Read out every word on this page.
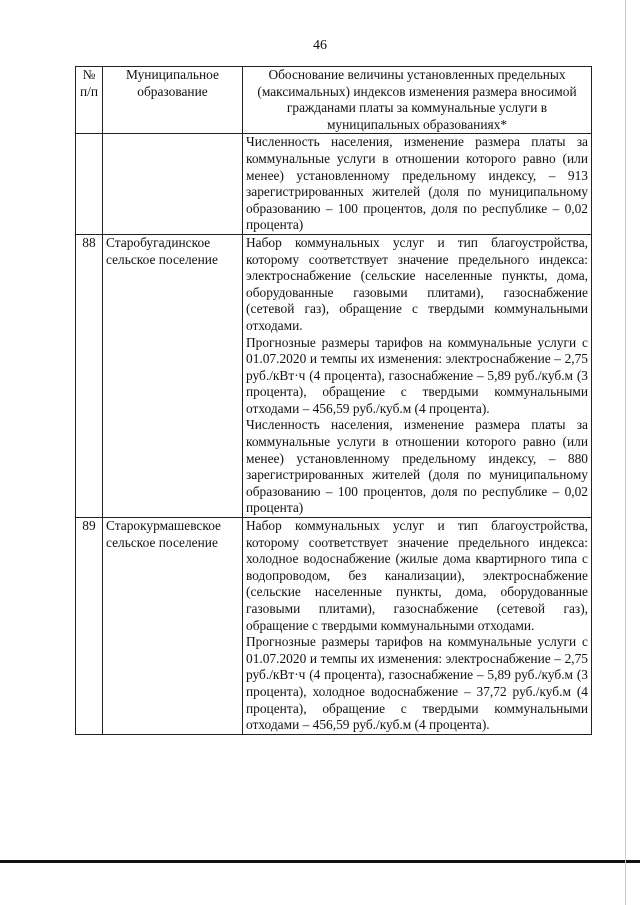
46
№ п/п	Муниципальное образование	Обоснование величины установленных предельных (максимальных) индексов изменения размера вносимой гражданами платы за коммунальные услуги в муниципальных образованиях*

		Численность населения, изменение размера платы за коммунальные услуги в отношении которого равно (или менее) установленному предельному индексу, – 913 зарегистрированных жителей (доля по муниципальному образованию – 100 процентов, доля по республике – 0,02 процента)

88	Старобугадинское сельское поселение	Набор коммунальных услуг и тип благоустройства, которому соответствует значение предельного индекса: электроснабжение (сельские населенные пункты, дома, оборудованные газовыми плитами), газоснабжение (сетевой газ), обращение с твердыми коммунальными отходами.

Прогнозные размеры тарифов на коммунальные услуги с 01.07.2020 и темпы их изменения: электроснабжение – 2,75 руб./кВт·ч (4 процента), газоснабжение – 5,89 руб./куб.м (3 процента), обращение с твердыми коммунальными отходами – 456,59 руб./куб.м (4 процента).

Численность населения, изменение размера платы за коммунальные услуги в отношении которого равно (или менее) установленному предельному индексу, – 880 зарегистрированных жителей (доля по муниципальному образованию – 100 процентов, доля по республике – 0,02 процента)

89	Старокурмашевское сельское поселение	Набор коммунальных услуг и тип благоустройства, которому соответствует значение предельного индекса: холодное водоснабжение (жилые дома квартирного типа с водопроводом, без канализации), электроснабжение (сельские населенные пункты, дома, оборудованные газовыми плитами), газоснабжение (сетевой газ), обращение с твердыми коммунальными отходами.

Прогнозные размеры тарифов на коммунальные услуги с 01.07.2020 и темпы их изменения: электроснабжение – 2,75 руб./кВт·ч (4 процента), газоснабжение – 5,89 руб./куб.м (3 процента), холодное водоснабжение – 37,72 руб./куб.м (4 процента), обращение с твердыми коммунальными отходами – 456,59 руб./куб.м (4 процента).
